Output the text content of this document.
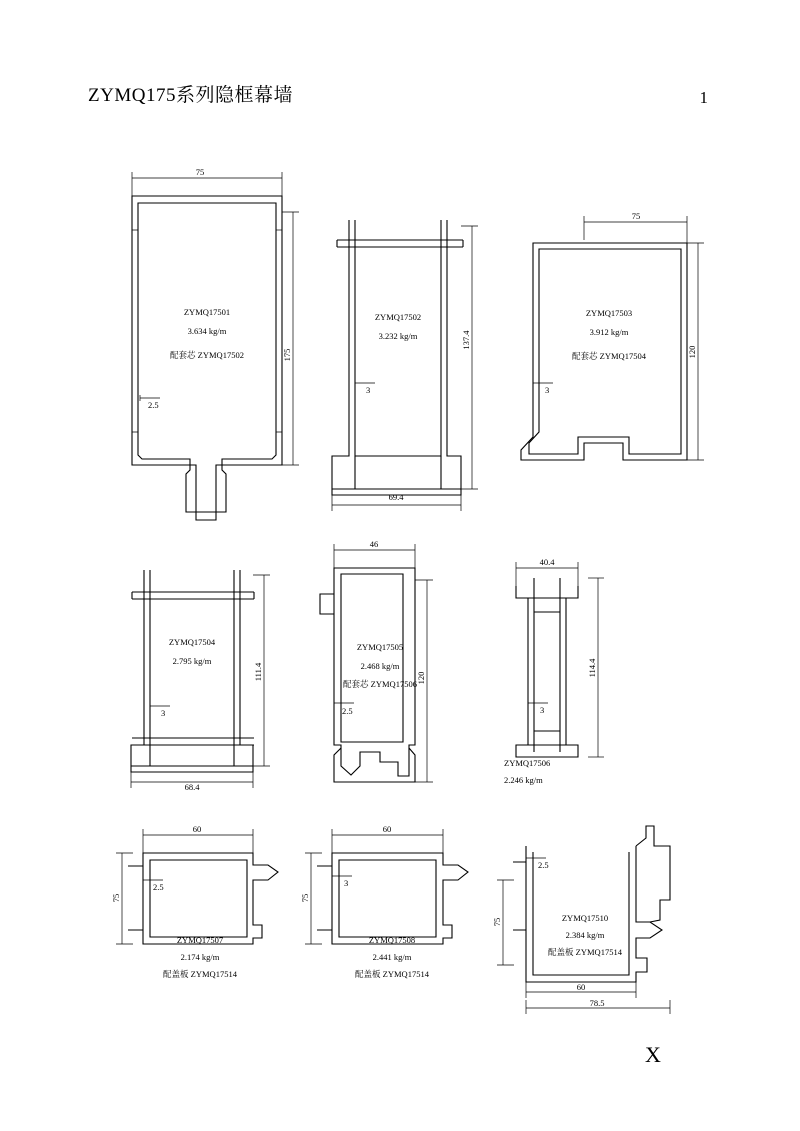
ZYMQ175系列隐框幕墙	1
X
75
175
2.5
ZYMQ17501
3.634 kg/m
配套芯 ZYMQ17502
137.4
69.4
3
ZYMQ17502
3.232 kg/m
75
120
3
ZYMQ17503
3.912 kg/m
配套芯 ZYMQ17504
111.4
68.4
3
ZYMQ17504
2.795 kg/m
46
120
2.5
ZYMQ17505
2.468 kg/m
配套芯 ZYMQ17506
40.4
114.4
3
ZYMQ17506
2.246 kg/m
60
75
2.5
ZYMQ17507
2.174 kg/m
配盖板 ZYMQ17514
60
75
3
ZYMQ17508
2.441 kg/m
配盖板 ZYMQ17514
75
60
78.5
2.5
ZYMQ17510
2.384 kg/m
配盖板 ZYMQ17514
